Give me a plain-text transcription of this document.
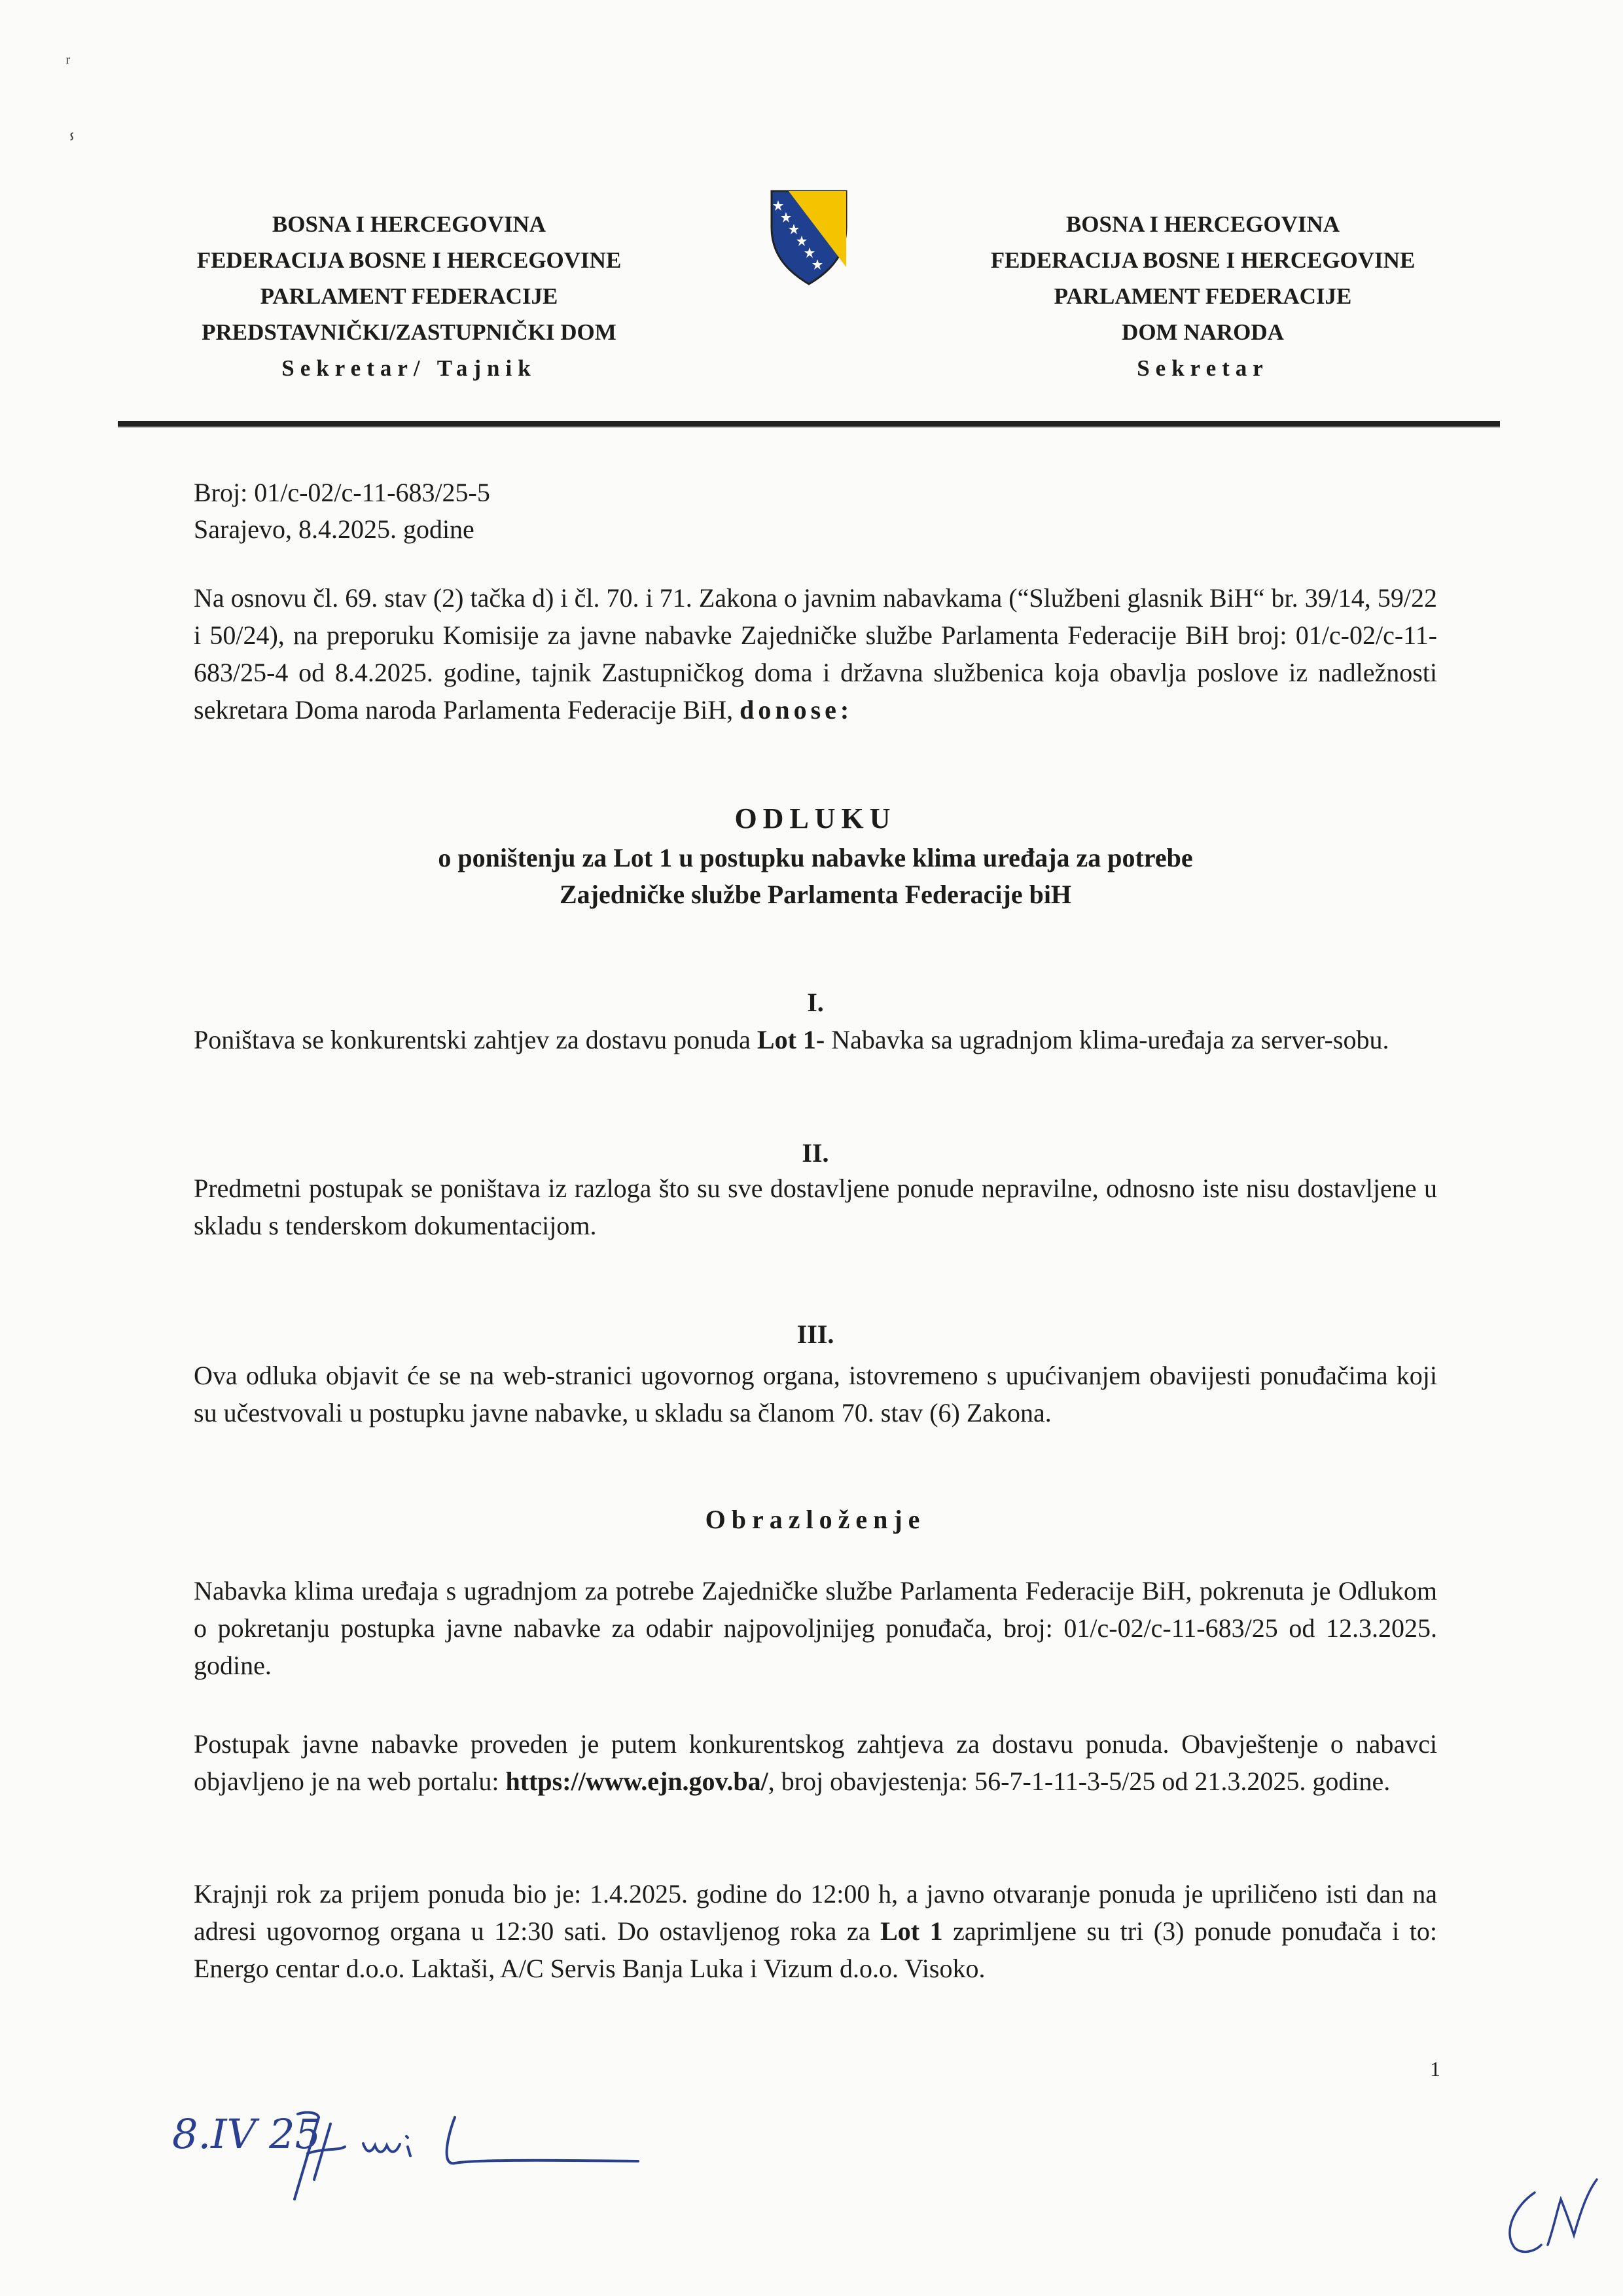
ʳ
ⸯ
BOSNA I HERCEGOVINA
FEDERACIJA BOSNE I HERCEGOVINE
PARLAMENT FEDERACIJE
PREDSTAVNIČKI/ZASTUPNIČKI DOM
Sekretar/ Tajnik
BOSNA I HERCEGOVINA
FEDERACIJA BOSNE I HERCEGOVINE
PARLAMENT FEDERACIJE
DOM NARODA
Sekretar
Broj: 01/c-02/c-11-683/25-5
Sarajevo, 8.4.2025. godine
Na osnovu čl. 69. stav (2) tačka d) i čl. 70. i 71. Zakona o javnim nabavkama (“Službeni glasnik BiH“ br. 39/14, 59/22 i 50/24), na preporuku Komisije za javne nabavke Zajedničke službe Parlamenta Federacije BiH broj: 01/c-02/c-11-683/25-4 od 8.4.2025. godine, tajnik Zastupničkog doma i državna službenica koja obavlja poslove iz nadležnosti sekretara Doma naroda Parlamenta Federacije BiH, donose:
ODLUKU
o poništenju za Lot 1 u postupku nabavke klima uređaja za potrebe
Zajedničke službe Parlamenta Federacije biH
I.
Poništava se konkurentski zahtjev za dostavu ponuda Lot 1- Nabavka sa ugradnjom klima-uređaja za server-sobu.
II.
Predmetni postupak se poništava iz razloga što su sve dostavljene ponude nepravilne, odnosno iste nisu dostavljene u skladu s tenderskom dokumentacijom.
III.
Ova odluka objavit će se na web-stranici ugovornog organa, istovremeno s upućivanjem obavijesti ponuđačima koji su učestvovali u postupku javne nabavke, u skladu sa članom 70. stav (6) Zakona.
Obrazloženje
Nabavka klima uređaja s ugradnjom za potrebe Zajedničke službe Parlamenta Federacije BiH, pokrenuta je Odlukom o pokretanju postupka javne nabavke za odabir najpovoljnijeg ponuđača, broj: 01/c-02/c-11-683/25 od 12.3.2025. godine.
Postupak javne nabavke proveden je putem konkurentskog zahtjeva za dostavu ponuda. Obavještenje o nabavci objavljeno je na web portalu: https://www.ejn.gov.ba/, broj obavjestenja: 56-7-1-11-3-5/25 od 21.3.2025. godine.
Krajnji rok za prijem ponuda bio je: 1.4.2025. godine do 12:00 h, a javno otvaranje ponuda je upriličeno isti dan na adresi ugovornog organa u 12:30 sati. Do ostavljenog roka za Lot 1 zaprimljene su tri (3) ponude ponuđača i to: Energo centar d.o.o. Laktaši, A/C Servis Banja Luka i Vizum d.o.o. Visoko.
1
8.IV 25
